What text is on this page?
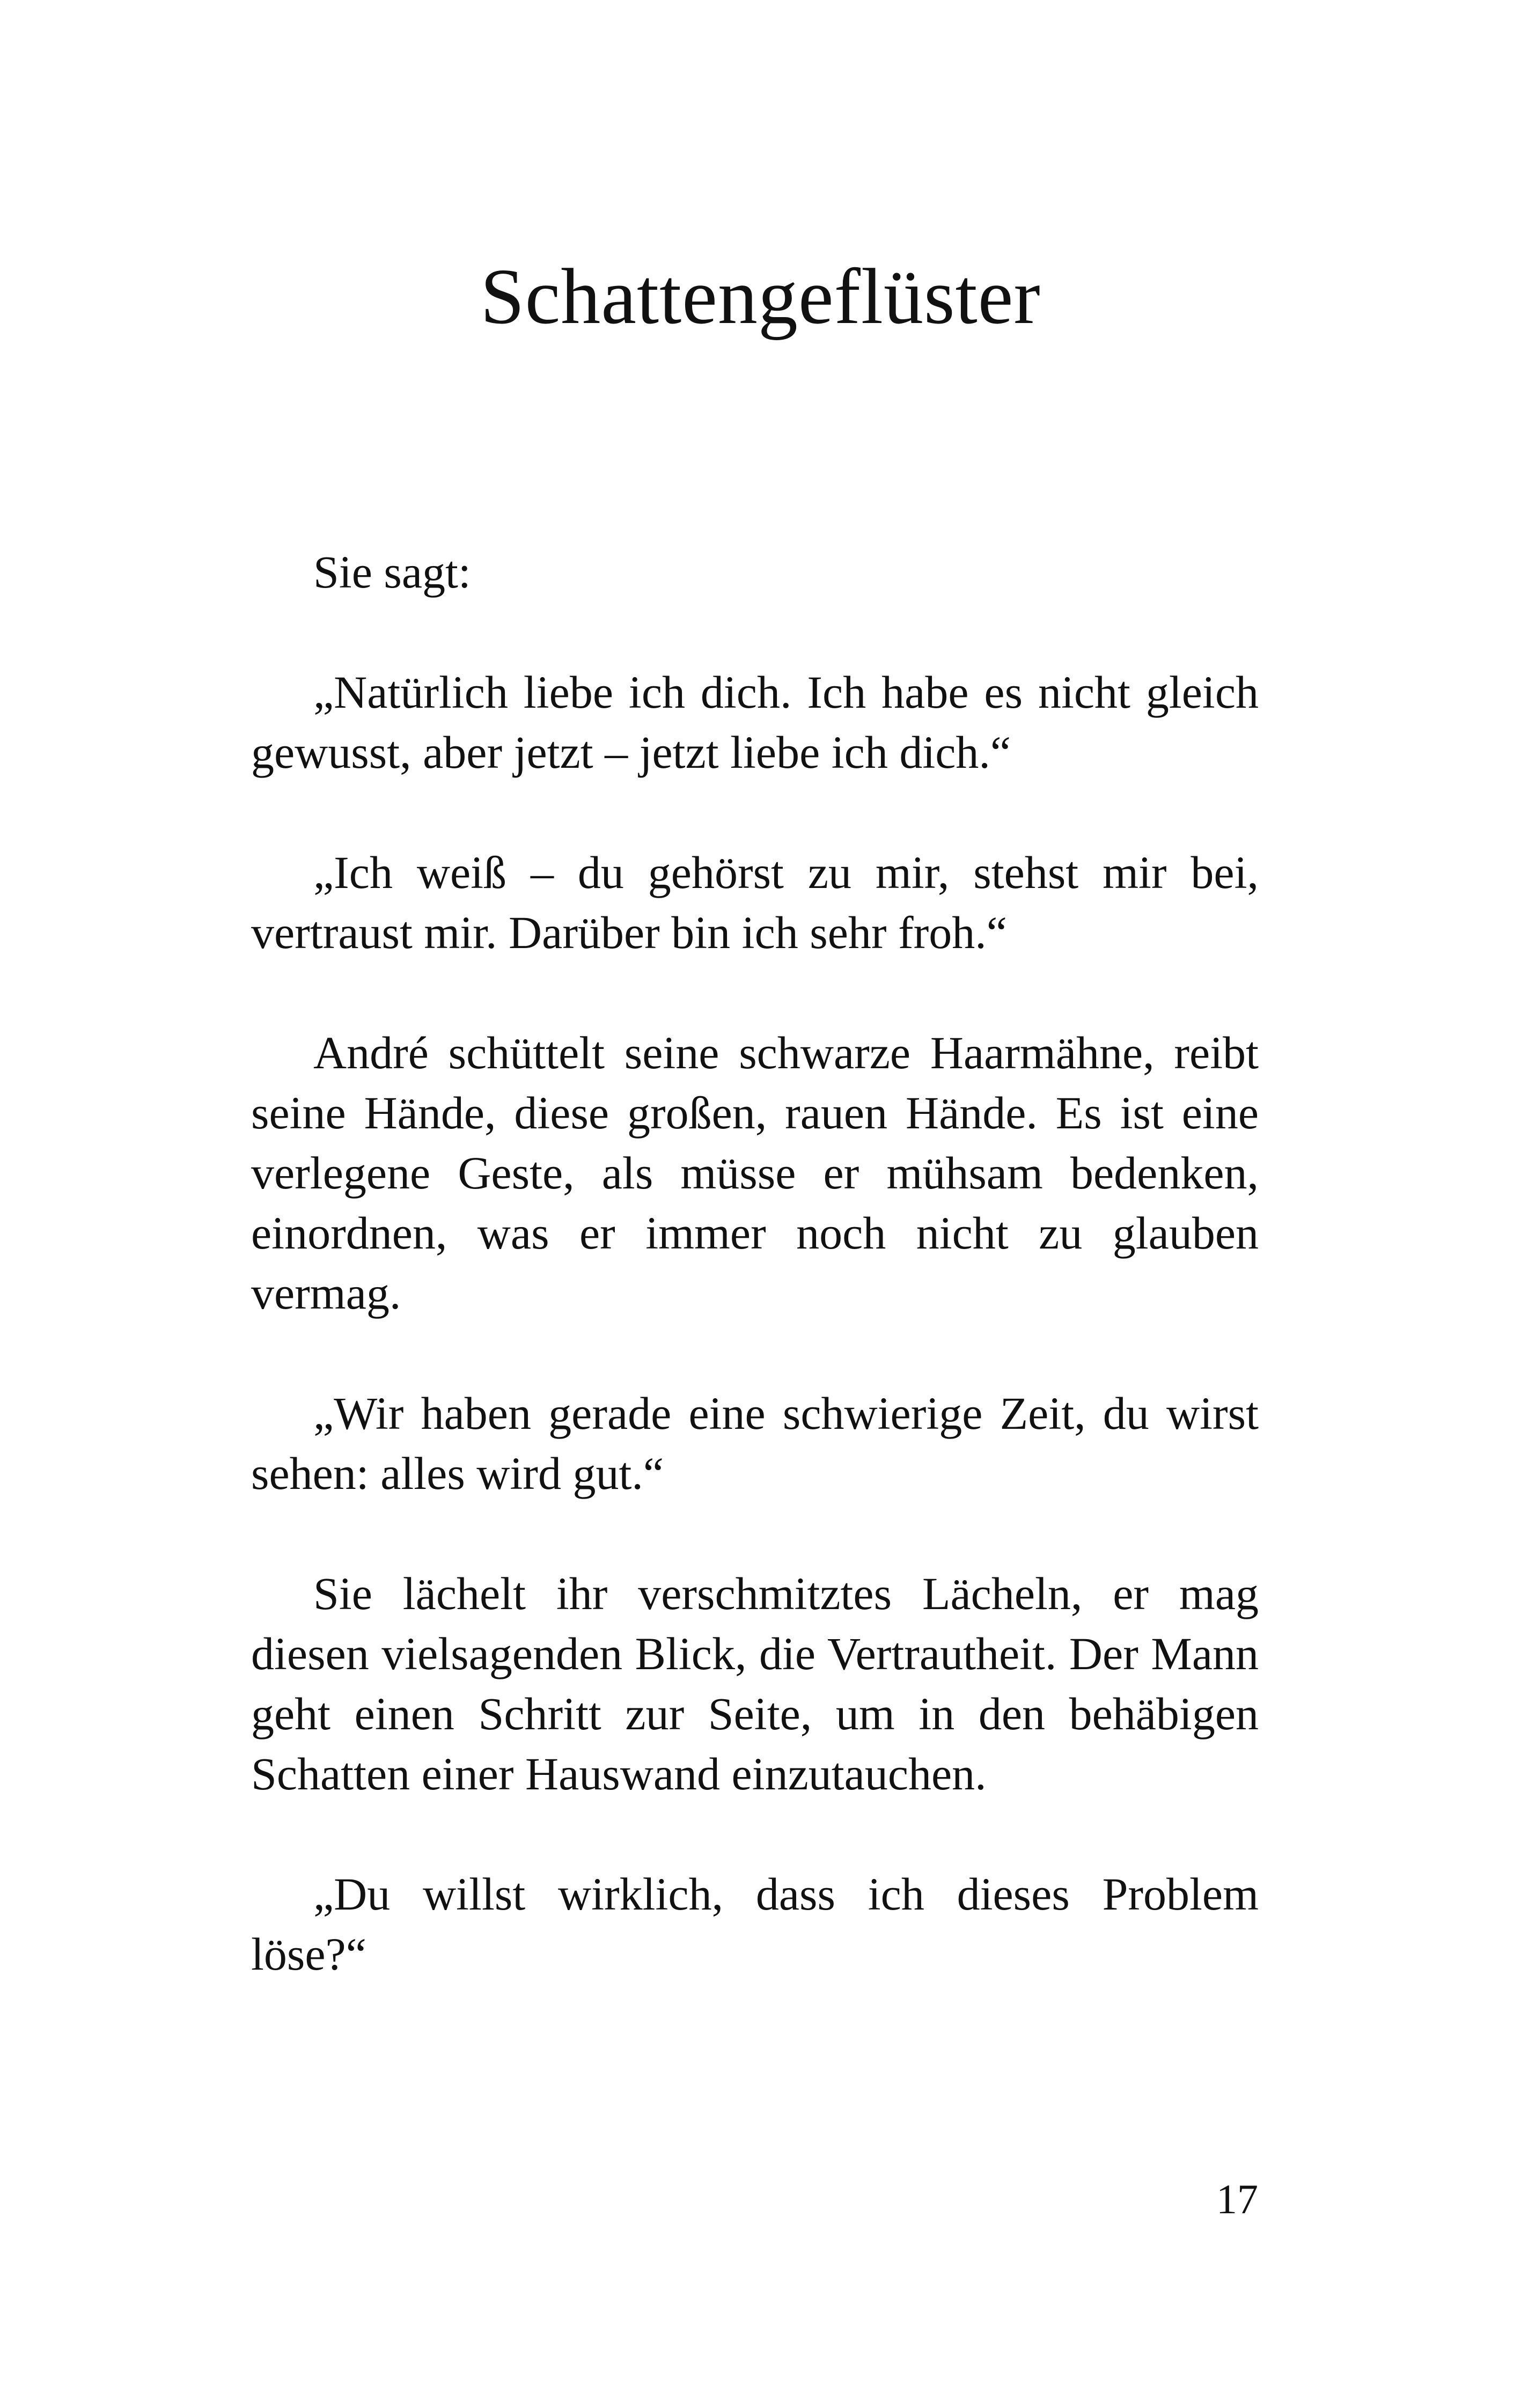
Schattengeflüster

Sie sagt:

„Natürlich liebe ich dich. Ich habe es nicht gleich gewusst, aber jetzt – jetzt liebe ich dich.“

„Ich weiß – du gehörst zu mir, stehst mir bei, vertraust mir. Darüber bin ich sehr froh.“

André schüttelt seine schwarze Haarmähne, reibt seine Hände, diese großen, rauen Hände. Es ist eine verlegene Geste, als müsse er mühsam bedenken, einordnen, was er immer noch nicht zu glauben vermag.

„Wir haben gerade eine schwierige Zeit, du wirst sehen: alles wird gut.“

Sie lächelt ihr verschmitztes Lächeln, er mag diesen vielsagenden Blick, die Vertrautheit. Der Mann geht einen Schritt zur Seite, um in den behäbigen Schatten einer Hauswand einzutauchen.

„Du willst wirklich, dass ich dieses Problem löse?“

17
